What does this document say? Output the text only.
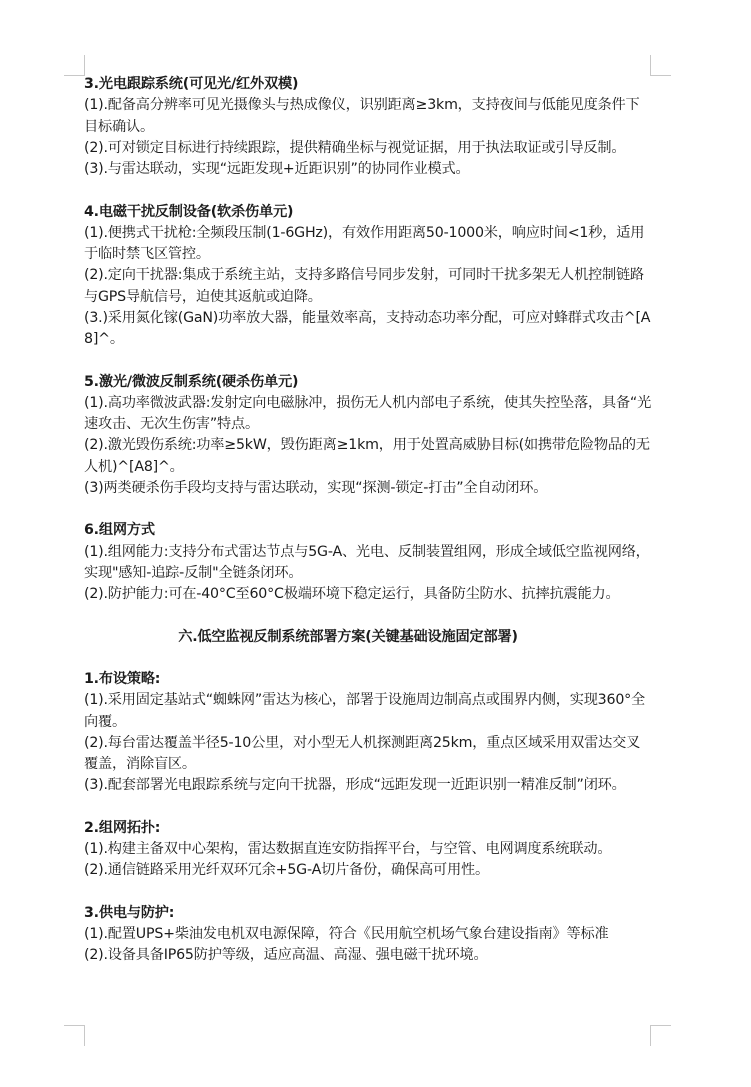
3.光电跟踪系统(可见光/红外双模)

(1).配备高分辨率可见光摄像头与热成像仪，识别距离≥3km，支持夜间与低能见度条件下目标确认。

(2).可对锁定目标进行持续跟踪，提供精确坐标与视觉证据，用于执法取证或引导反制。

(3).与雷达联动，实现“远距发现+近距识别”的协同作业模式。

4.电磁干扰反制设备(软杀伤单元)

(1).便携式干扰枪:全频段压制(1-6GHz)，有效作用距离50-1000米，响应时间<1秒，适用于临时禁飞区管控。

(2).定向干扰器:集成于系统主站，支持多路信号同步发射，可同时干扰多架无人机控制链路与GPS导航信号，迫使其返航或迫降。

(3.)采用氮化镓(GaN)功率放大器，能量效率高，支持动态功率分配，可应对蜂群式攻击^[A8]^。

5.激光/微波反制系统(硬杀伤单元)

(1).高功率微波武器:发射定向电磁脉冲，损伤无人机内部电子系统，使其失控坠落，具备“光速攻击、无次生伤害”特点。

(2).激光毁伤系统:功率≥5kW，毁伤距离≥1km，用于处置高威胁目标(如携带危险物品的无人机)^[A8]^。

(3)两类硬杀伤手段均支持与雷达联动，实现“探测-锁定-打击”全自动闭环。

6.组网方式

(1).组网能力:支持分布式雷达节点与5G-A、光电、反制装置组网，形成全域低空监视网络，实现"感知-追踪-反制"全链条闭环。

(2).防护能力:可在-40°C至60°C极端环境下稳定运行，具备防尘防水、抗摔抗震能力。

六.低空监视反制系统部署方案(关键基础设施固定部署)

1.布设策略:

(1).采用固定基站式“蜘蛛网”雷达为核心，部署于设施周边制高点或围界内侧，实现360°全向覆。

(2).每台雷达覆盖半径5-10公里，对小型无人机探测距离25km，重点区域采用双雷达交叉覆盖，消除盲区。

(3).配套部署光电跟踪系统与定向干扰器，形成“远距发现一近距识别一精准反制”闭环。

2.组网拓扑:

(1).构建主备双中心架构，雷达数据直连安防指挥平台，与空管、电网调度系统联动。

(2).通信链路采用光纤双环冗余+5G-A切片备份，确保高可用性。

3.供电与防护:

(1).配置UPS+柴油发电机双电源保障，符合《民用航空机场气象台建设指南》等标准

(2).设备具备IP65防护等级，适应高温、高湿、强电磁干扰环境。
